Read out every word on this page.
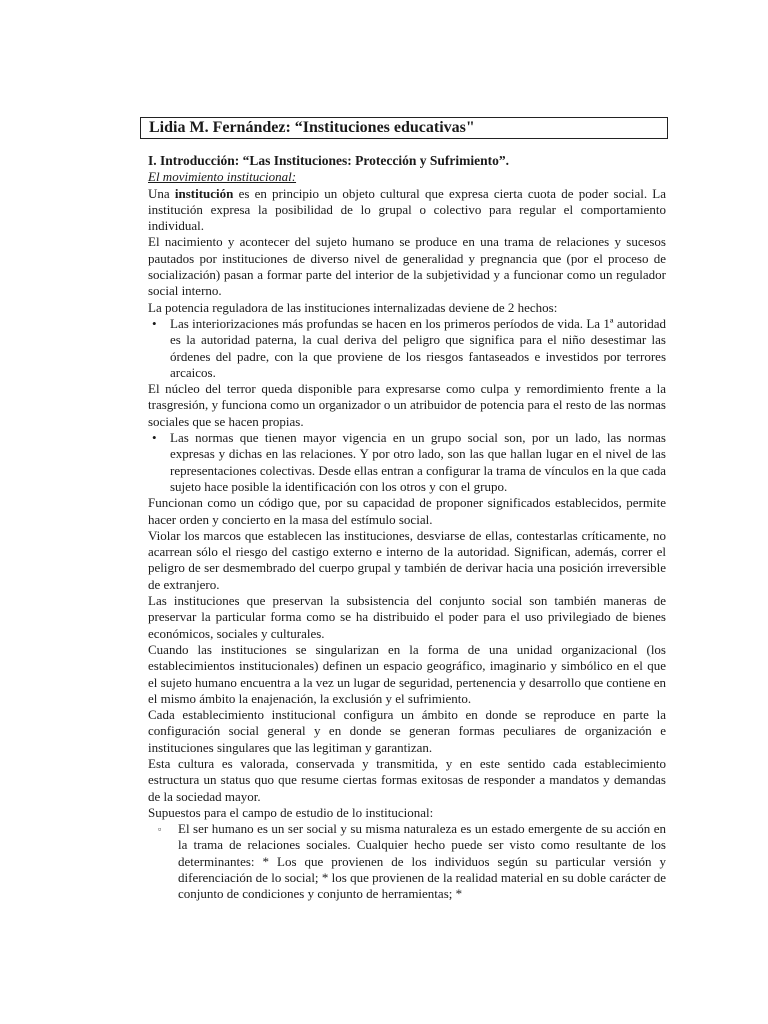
Lidia M. Fernández: “Instituciones educativas"

I. Introducción: “Las Instituciones: Protección y Sufrimiento”.

El movimiento institucional:

Una institución es en principio un objeto cultural que expresa cierta cuota de poder social. La institución expresa la posibilidad de lo grupal o colectivo para regular el comportamiento individual.

El nacimiento y acontecer del sujeto humano se produce en una trama de relaciones y sucesos pautados por instituciones de diverso nivel de generalidad y pregnancia que (por el proceso de socialización) pasan a formar parte del interior de la subjetividad y a funcionar como un regulador social interno.

La potencia reguladora de las instituciones internalizadas deviene de 2 hechos:

•	Las interiorizaciones más profundas se hacen en los primeros períodos de vida. La 1ª autoridad es la autoridad paterna, la cual deriva del peligro que significa para el niño desestimar las órdenes del padre, con la que proviene de los riesgos fantaseados e investidos por terrores arcaicos.

El núcleo del terror queda disponible para expresarse como culpa y remordimiento frente a la trasgresión, y funciona como un organizador o un atribuidor de potencia para el resto de las normas sociales que se hacen propias.

•	Las normas que tienen mayor vigencia en un grupo social son, por un lado, las normas expresas y dichas en las relaciones. Y por otro lado, son las que hallan lugar en el nivel de las representaciones colectivas. Desde ellas entran a configurar la trama de vínculos en la que cada sujeto hace posible la identificación con los otros y con el grupo.

Funcionan como un código que, por su capacidad de proponer significados establecidos, permite hacer orden y concierto en la masa del estímulo social.

Violar los marcos que establecen las instituciones, desviarse de ellas, contestarlas críticamente, no acarrean sólo el riesgo del castigo externo e interno de la autoridad. Significan, además, correr el peligro de ser desmembrado del cuerpo grupal y también de derivar hacia una posición irreversible de extranjero.

Las instituciones que preservan la subsistencia del conjunto social son también maneras de preservar la particular forma como se ha distribuido el poder para el uso privilegiado de bienes económicos, sociales y culturales.

Cuando las instituciones se singularizan en la forma de una unidad organizacional (los establecimientos institucionales) definen un espacio geográfico, imaginario y simbólico en el que el sujeto humano encuentra a la vez un lugar de seguridad, pertenencia y desarrollo que contiene en el mismo ámbito la enajenación, la exclusión y el sufrimiento.

Cada establecimiento institucional configura un ámbito en donde se reproduce en parte la configuración social general y en donde se generan formas peculiares de organización e instituciones singulares que las legitiman y garantizan.

Esta cultura es valorada, conservada y transmitida, y en este sentido cada establecimiento estructura un status quo que resume ciertas formas exitosas de responder a mandatos y demandas de la sociedad mayor.

Supuestos para el campo de estudio de lo institucional:

▫	El ser humano es un ser social y su misma naturaleza es un estado emergente de su acción en la trama de relaciones sociales. Cualquier hecho puede ser visto como resultante de los determinantes: * Los que provienen de los individuos según su particular versión y diferenciación de lo social; * los que provienen de la realidad material en su doble carácter de conjunto de condiciones y conjunto de herramientas; *
